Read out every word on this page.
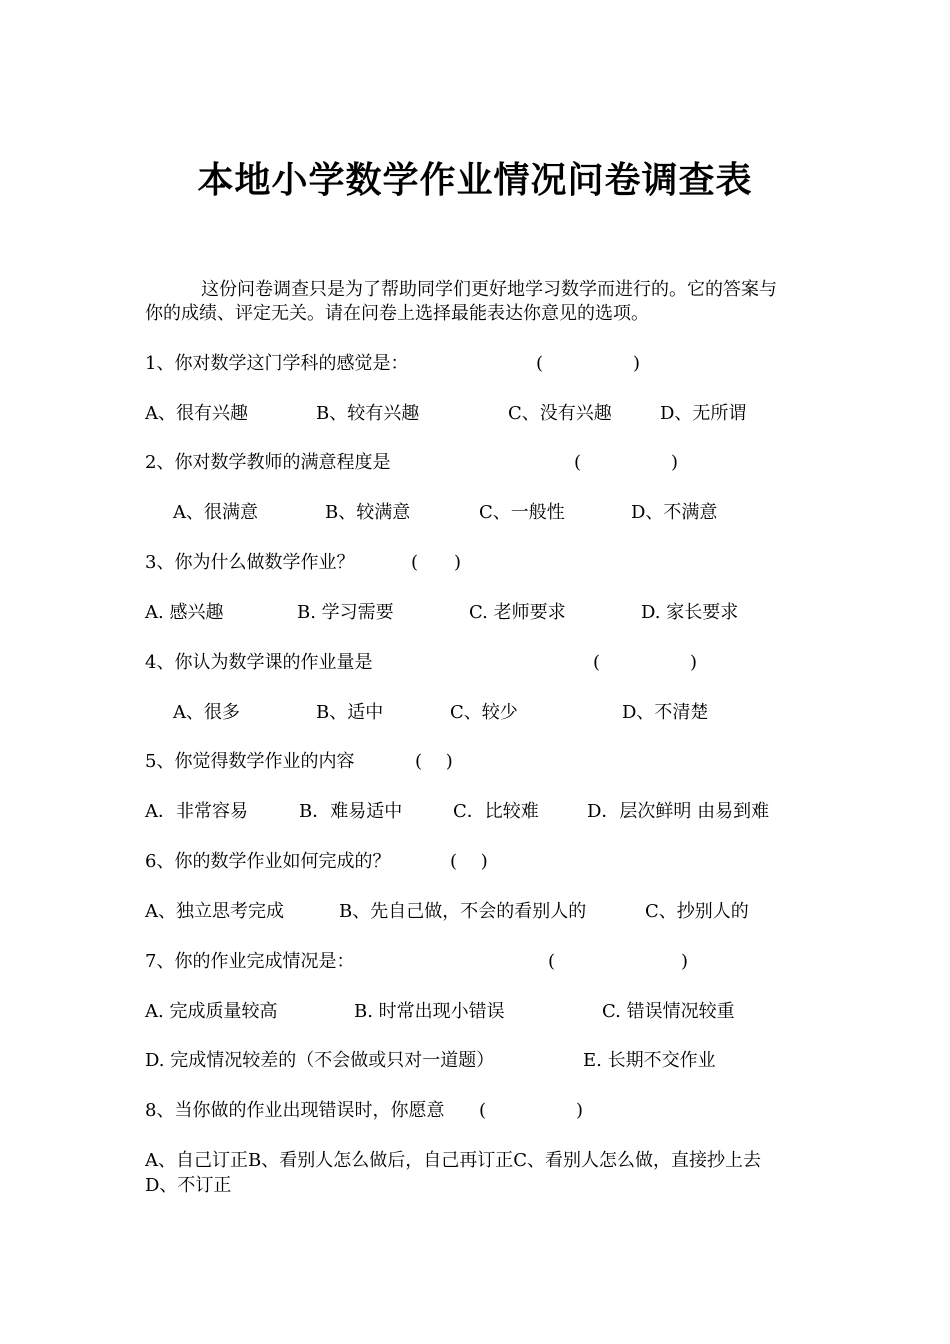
本地小学数学作业情况问卷调查表
这份问卷调查只是为了帮助同学们更好地学习数学而进行的。它的答案与
你的成绩、评定无关。请在问卷上选择最能表达你意见的选项。
1、你对数学这门学科的感觉是：	(　　　　　)
A、很有兴趣	B、较有兴趣	C、没有兴趣	D、无所谓
2、你对数学教师的满意程度是	(　　　　　)
A、很满意	B、较满意	C、一般性	D、不满意
3、你为什么做数学作业？	(　　)
A. 感兴趣	B. 学习需要	C. 老师要求	D. 家长要求
4、你认为数学课的作业量是	(　　　　　)
A、很多	B、适中	C、较少	D、不清楚
5、你觉得数学作业的内容	(　 )
A．非常容易	B．难易适中	C．比较难	D．层次鲜明 由易到难
6、你的数学作业如何完成的？	(　 )
A、独立思考完成	B、先自己做，不会的看别人的	C、抄别人的
7、你的作业完成情况是：	(　　　　　　　)
A. 完成质量较高	B. 时常出现小错误	C. 错误情况较重
D. 完成情况较差的（不会做或只对一道题）	E. 长期不交作业
8、当你做的作业出现错误时，你愿意 (　　　　　)
A、自己订正B、看别人怎么做后，自己再订正C、看别人怎么做，直接抄上去
D、不订正
